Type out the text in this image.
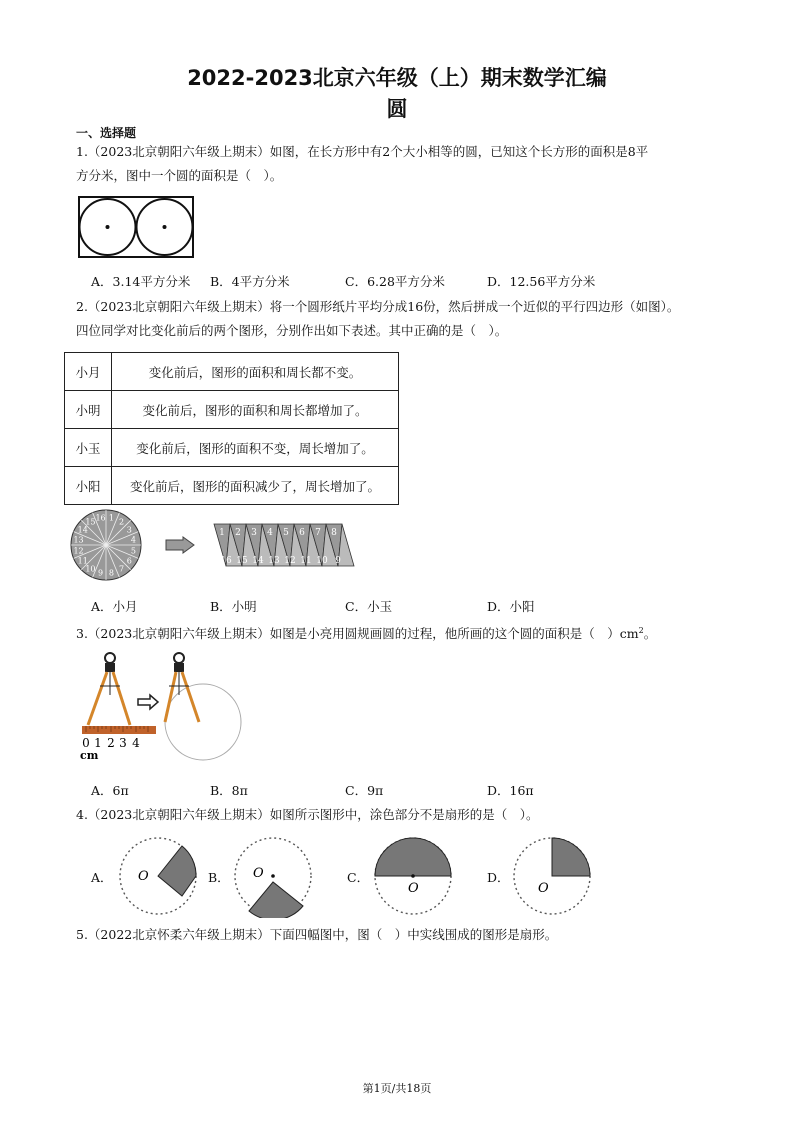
2022-2023北京六年级（上）期末数学汇编
圆
一、选择题
1.（2023北京朝阳六年级上期末）如图，在长方形中有2个大小相等的圆，已知这个长方形的面积是8平
方分米，图中一个圆的面积是（　）。
A．3.14平方分米 B．4平方分米	C．6.28平方分米	D．12.56平方分米
2.（2023北京朝阳六年级上期末）将一个圆形纸片平均分成16份，然后拼成一个近似的平行四边形（如图）。
四位同学对比变化前后的两个图形，分别作出如下表述。其中正确的是（　）。
小月	变化前后，图形的面积和周长都不变。
小明	变化前后，图形的面积和周长都增加了。
小玉	变化前后，图形的面积不变，周长增加了。
小阳	变化前后，图形的面积减少了，周长增加了。
1 2
3
4
5
6
7
8
9
10
11
12
13
14
15 16
1
16
2
15
3
14
4
13
5
12
6
11
7
10
8
9
A．小月	B．小明	C．小玉	D．小阳
3.（2023北京朝阳六年级上期末）如图是小亮用圆规画圆的过程，他所画的这个圆的面积是（　）$cm^2$。
0 1 2 3 4
cm
A．6π	B．8π	C．9π	D．16π
4.（2023北京朝阳六年级上期末）如图所示图形中，涂色部分不是扇形的是（　）。
A． O	B． O	C．
O
D．
O
5.（2022北京怀柔六年级上期末）下面四幅图中，图（　）中实线围成的图形是扇形。
第1页/共18页
